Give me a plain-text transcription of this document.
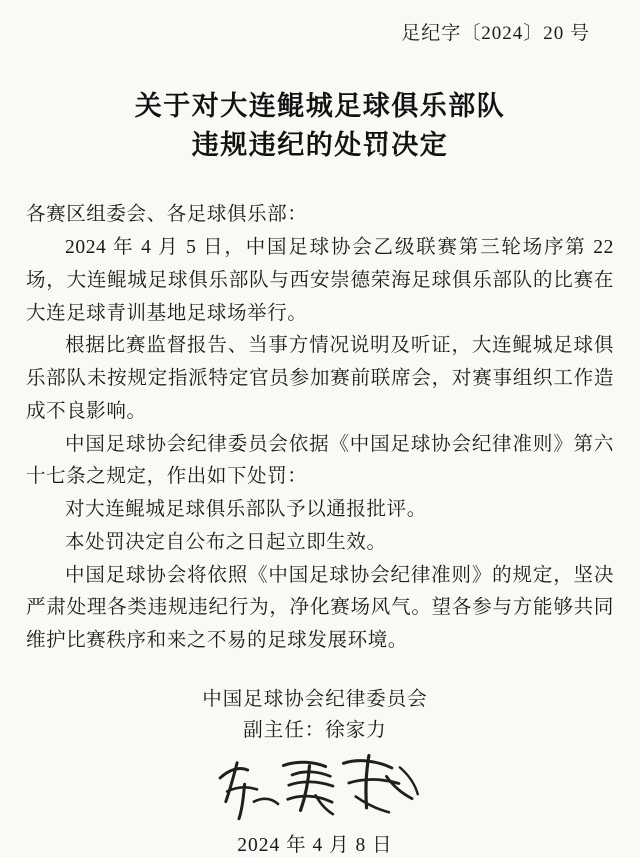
足纪字〔2024〕20 号
关于对大连鲲城足球俱乐部队
违规违纪的处罚决定

各赛区组委会、各足球俱乐部：

2024 年 4 月 5 日，中国足球协会乙级联赛第三轮场序第 22 场，大连鲲城足球俱乐部队与西安崇德荣海足球俱乐部队的比赛在大连足球青训基地足球场举行。

根据比赛监督报告、当事方情况说明及听证，大连鲲城足球俱乐部队未按规定指派特定官员参加赛前联席会，对赛事组织工作造成不良影响。

中国足球协会纪律委员会依据《中国足球协会纪律准则》第六十七条之规定，作出如下处罚：

对大连鲲城足球俱乐部队予以通报批评。

本处罚决定自公布之日起立即生效。

中国足球协会将依照《中国足球协会纪律准则》的规定，坚决严肃处理各类违规违纪行为，净化赛场风气。望各参与方能够共同维护比赛秩序和来之不易的足球发展环境。

中国足球协会纪律委员会
副主任：徐家力
2024 年 4 月 8 日
